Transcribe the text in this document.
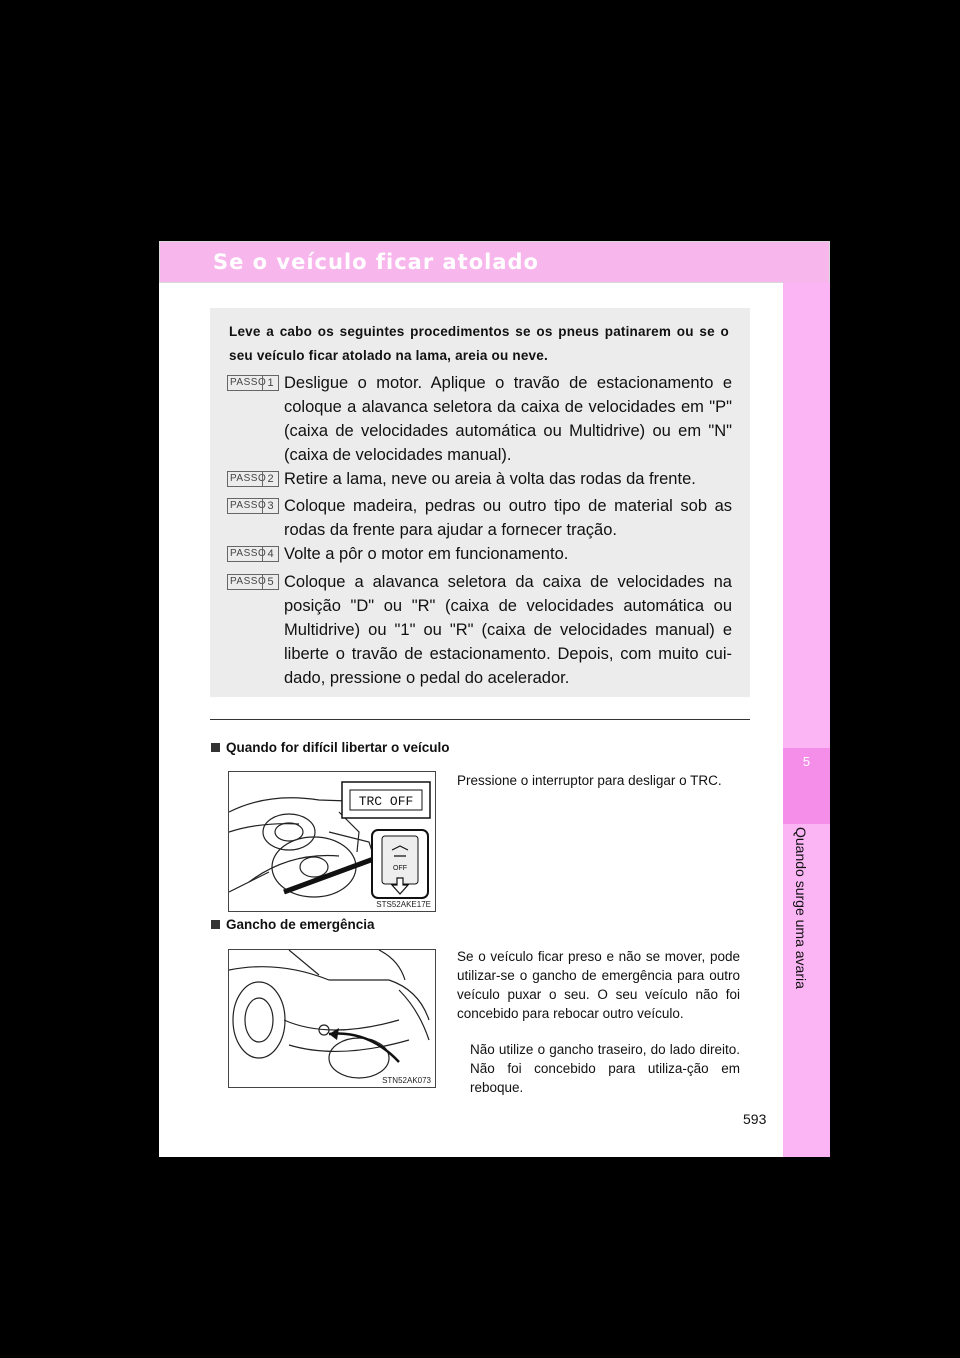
Se o veículo ficar atolado
5
Quando surge uma avaria
Leve a cabo os seguintes procedimentos se os pneus patinarem ou se o seu veículo ficar atolado na lama, areia ou neve.
PASSO 1 Desligue o motor. Aplique o travão de estacionamento e coloque a alavanca seletora da caixa de velocidades em "P" (caixa de velocidades automática ou Multidrive) ou em "N" (caixa de velocidades manual).
PASSO 2 Retire a lama, neve ou areia à volta das rodas da frente.
PASSO 3 Coloque madeira, pedras ou outro tipo de material sob as rodas da frente para ajudar a fornecer tração.
PASSO 4 Volte a pôr o motor em funcionamento.
PASSO 5 Coloque a alavanca seletora da caixa de velocidades na posição "D" ou "R" (caixa de velocidades automática ou Multidrive) ou "1" ou "R" (caixa de velocidades manual) e liberte o travão de estacionamento. Depois, com muito cui-dado, pressione o pedal do acelerador.
Quando for difícil libertar o veículo
TRC OFF
OFF
STS52AKE17E
Pressione o interruptor para desligar o TRC.
Gancho de emergência
STN52AK073
Se o veículo ficar preso e não se mover, pode utilizar-se o gancho de emergência para outro veículo puxar o seu. O seu veículo não foi concebido para rebocar outro veículo.
Não utilize o gancho traseiro, do lado direito. Não foi concebido para utiliza-ção em reboque.
593
